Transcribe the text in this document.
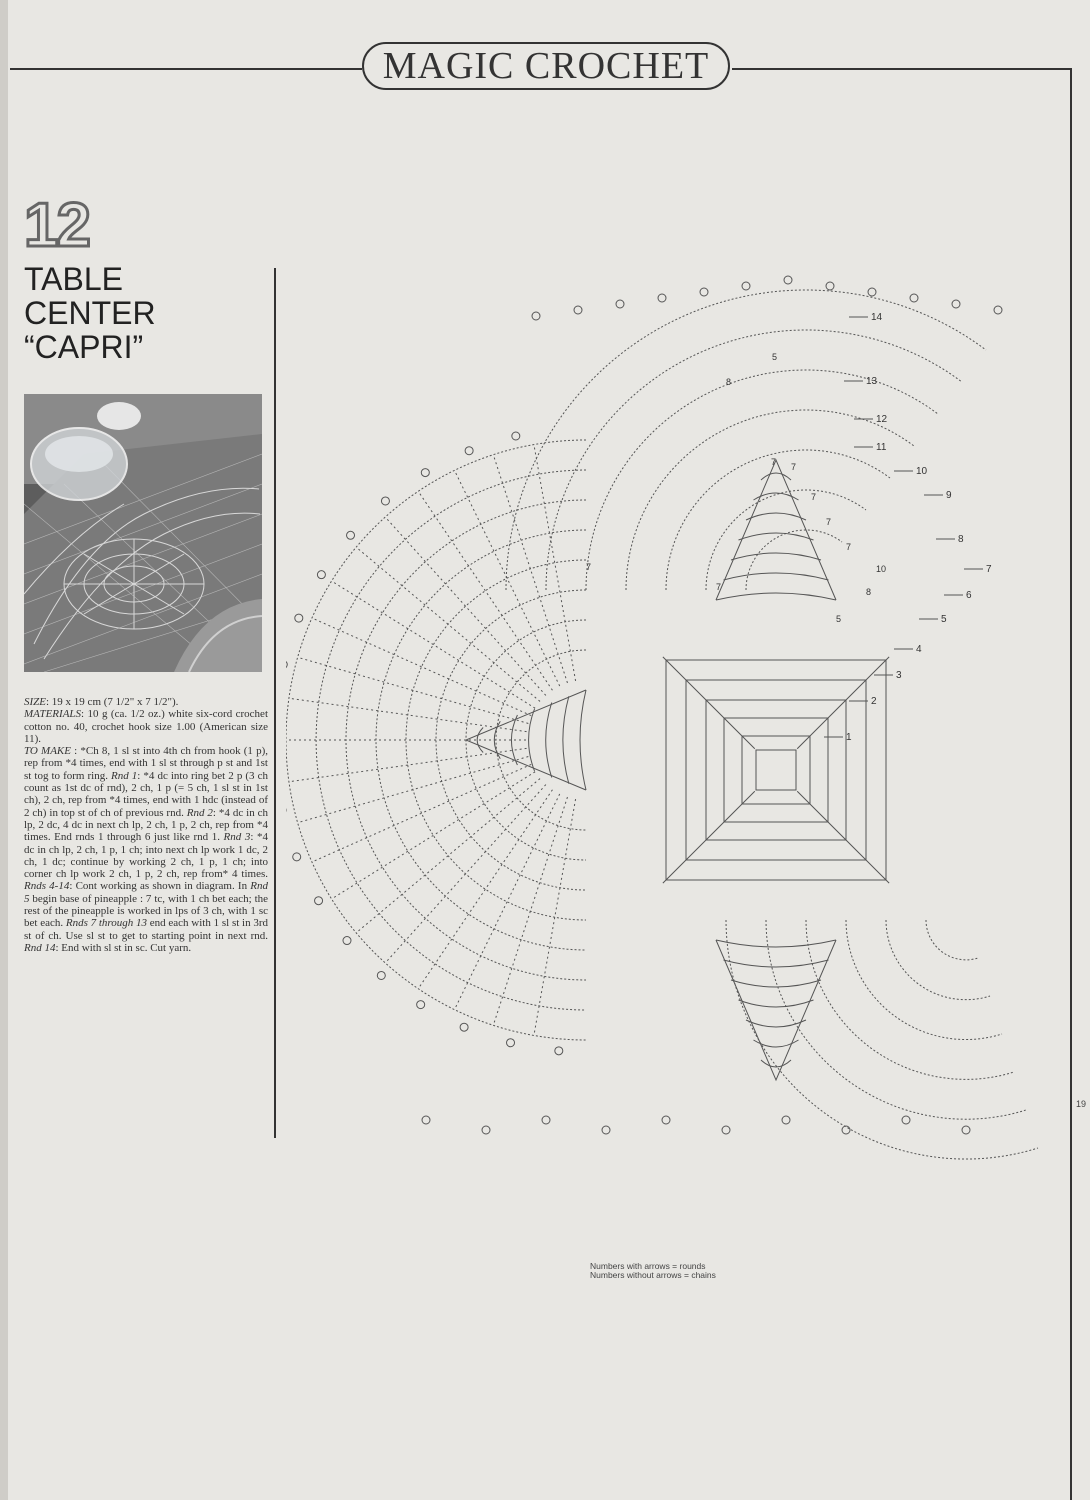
MAGIC CROCHET
12
TABLE
CENTER
“CAPRI”

SIZE: 19 x 19 cm (7 1/2" x 7 1/2").

MATERIALS: 10 g (ca. 1/2 oz.) white six-cord crochet cotton no. 40, crochet hook size 1.00 (American size 11).

TO MAKE : *Ch 8, 1 sl st into 4th ch from hook (1 p), rep from *4 times, end with 1 sl st through p st and 1st st tog to form ring. Rnd 1: *4 dc into ring bet 2 p (3 ch count as 1st dc of rnd), 2 ch, 1 p (= 5 ch, 1 sl st in 1st ch), 2 ch, rep from *4 times, end with 1 hdc (instead of 2 ch) in top st of ch of previous rnd. Rnd 2: *4 dc in ch lp, 2 dc, 4 dc in next ch lp, 2 ch, 1 p, 2 ch, rep from *4 times. End rnds 1 through 6 just like rnd 1. Rnd 3: *4 dc in ch lp, 2 ch, 1 p, 1 ch; into next ch lp work 1 dc, 2 ch, 1 dc; continue by working 2 ch, 1 p, 1 ch; into corner ch lp work 2 ch, 1 p, 2 ch, rep from* 4 times. Rnds 4-14: Cont working as shown in diagram. In Rnd 5 begin base of pineapple : 7 tc, with 1 ch bet each; the rest of the pineapple is worked in lps of 3 ch, with 1 sc bet each. Rnds 7 through 13 end each with 1 sl st in 3rd st of ch. Use sl st to get to starting point in next rnd. Rnd 14: End with sl st in sc. Cut yarn.

1
2
3
4
5
6
7
8
9
10
11
12
13
14
5
7
7
7
7
7
7	10
8
5
8
7
Numbers with arrows = rounds
Numbers without arrows = chains
19
